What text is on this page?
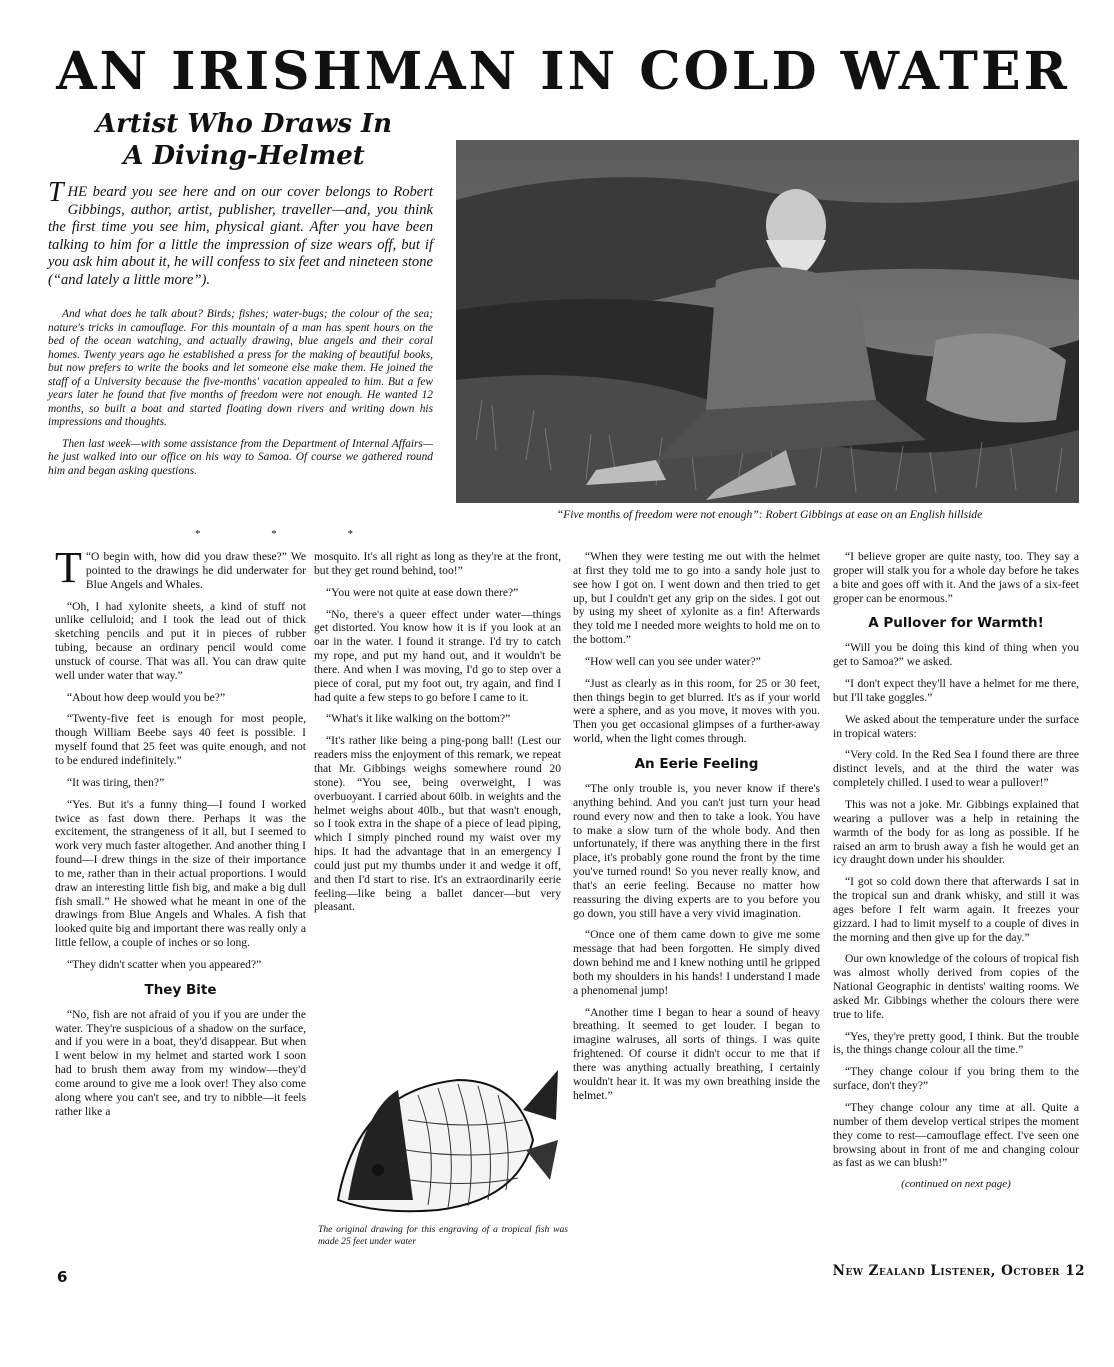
AN IRISHMAN IN COLD WATER
Artist Who Draws In
A Diving-Helmet
THE beard you see here and on our cover belongs to Robert Gibbings, author, artist, publisher, traveller—and, you think the first time you see him, physical giant. After you have been talking to him for a little the impression of size wears off, but if you ask him about it, he will confess to six feet and nineteen stone (“and lately a little more”).

And what does he talk about? Birds; fishes; water-bugs; the colour of the sea; nature's tricks in camouflage. For this mountain of a man has spent hours on the bed of the ocean watching, and actually drawing, blue angels and their coral homes. Twenty years ago he established a press for the making of beautiful books, but now prefers to write the books and let someone else make them. He joined the staff of a University because the five-months' vacation appealed to him. But a few years later he found that five months of freedom were not enough. He wanted 12 months, so built a boat and started floating down rivers and writing down his impressions and thoughts.

Then last week—with some assistance from the Department of Internal Affairs—he just walked into our office on his way to Samoa. Of course we gathered round him and began asking questions.

* * *
“Five months of freedom were not enough”: Robert Gibbings at ease on an English hillside

“
T O begin with, how did you draw these?” We pointed to the drawings he did underwater for Blue Angels and Whales.

“Oh, I had xylonite sheets, a kind of stuff not unlike celluloid; and I took the lead out of thick sketching pencils and put it in pieces of rubber tubing, because an ordinary pencil would come unstuck of course. That was all. You can draw quite well under water that way.”

“About how deep would you be?”

“Twenty-five feet is enough for most people, though William Beebe says 40 feet is possible. I myself found that 25 feet was quite enough, and not to be endured indefinitely.”

“It was tiring, then?”

“Yes. But it's a funny thing—I found I worked twice as fast down there. Perhaps it was the excitement, the strangeness of it all, but I seemed to work very much faster altogether. And another thing I found—I drew things in the size of their importance to me, rather than in their actual proportions. I would draw an interesting little fish big, and make a big dull fish small.” He showed what he meant in one of the drawings from Blue Angels and Whales. A fish that looked quite big and important there was really only a little fellow, a couple of inches or so long.

“They didn't scatter when you appeared?”

They Bite

“No, fish are not afraid of you if you are under the water. They're suspicious of a shadow on the surface, and if you were in a boat, they'd disappear. But when I went below in my helmet and started work I soon had to brush them away from my window—they'd come around to give me a look over! They also come along where you can't see, and try to nibble—it feels rather like a

mosquito. It's all right as long as they're at the front, but they get round behind, too!”

“You were not quite at ease down there?”

“No, there's a queer effect under water—things get distorted. You know how it is if you look at an oar in the water. I found it strange. I'd try to catch my rope, and put my hand out, and it wouldn't be there. And when I was moving, I'd go to step over a piece of coral, put my foot out, try again, and find I had quite a few steps to go before I came to it.

“What's it like walking on the bottom?”

“It's rather like being a ping-pong ball! (Lest our readers miss the enjoyment of this remark, we repeat that Mr. Gibbings weighs somewhere round 20 stone). “You see, being overweight, I was overbuoyant. I carried about 60lb. in weights and the helmet weighs about 40lb., but that wasn't enough, so I took extra in the shape of a piece of lead piping, which I simply pinched round my waist over my hips. It had the advantage that in an emergency I could just put my thumbs under it and wedge it off, and then I'd start to rise. It's an extraordinarily eerie feeling—like being a ballet dancer—but very pleasant.

The original drawing for this engraving of a tropical fish was made 25 feet under water

“When they were testing me out with the helmet at first they told me to go into a sandy hole just to see how I got on. I went down and then tried to get up, but I couldn't get any grip on the sides. I got out by using my sheet of xylonite as a fin! Afterwards they told me I needed more weights to hold me on to the bottom.”

“How well can you see under water?”

“Just as clearly as in this room, for 25 or 30 feet, then things begin to get blurred. It's as if your world were a sphere, and as you move, it moves with you. Then you get occasional glimpses of a further-away world, when the light comes through.

An Eerie Feeling

“The only trouble is, you never know if there's anything behind. And you can't just turn your head round every now and then to take a look. You have to make a slow turn of the whole body. And then unfortunately, if there was anything there in the first place, it's probably gone round the front by the time you've turned round! So you never really know, and that's an eerie feeling. Because no matter how reassuring the diving experts are to you before you go down, you still have a very vivid imagination.

“Once one of them came down to give me some message that had been forgotten. He simply dived down behind me and I knew nothing until he gripped both my shoulders in his hands! I understand I made a phenomenal jump!

“Another time I began to hear a sound of heavy breathing. It seemed to get louder. I began to imagine walruses, all sorts of things. I was quite frightened. Of course it didn't occur to me that if there was anything actually breathing, I certainly wouldn't hear it. It was my own breathing inside the helmet.”

“I believe groper are quite nasty, too. They say a groper will stalk you for a whole day before he takes a bite and goes off with it. And the jaws of a six-feet groper can be enormous.”

A Pullover for Warmth!

“Will you be doing this kind of thing when you get to Samoa?” we asked.

“I don't expect they'll have a helmet for me there, but I'll take goggles.”

We asked about the temperature under the surface in tropical waters:

“Very cold. In the Red Sea I found there are three distinct levels, and at the third the water was completely chilled. I used to wear a pullover!”

This was not a joke. Mr. Gibbings explained that wearing a pullover was a help in retaining the warmth of the body for as long as possible. If he raised an arm to brush away a fish he would get an icy draught down under his shoulder.

“I got so cold down there that afterwards I sat in the tropical sun and drank whisky, and still it was ages before I felt warm again. It freezes your gizzard. I had to limit myself to a couple of dives in the morning and then give up for the day.”

Our own knowledge of the colours of tropical fish was almost wholly derived from copies of the National Geographic in dentists' waiting rooms. We asked Mr. Gibbings whether the colours there were true to life.

“Yes, they're pretty good, I think. But the trouble is, the things change colour all the time.”

“They change colour if you bring them to the surface, don't they?”

“They change colour any time at all. Quite a number of them develop vertical stripes the moment they come to rest—camouflage effect. I've seen one browsing about in front of me and changing colour as fast as we can blush!”

(continued on next page)

6	New Zealand Listener, October 12
